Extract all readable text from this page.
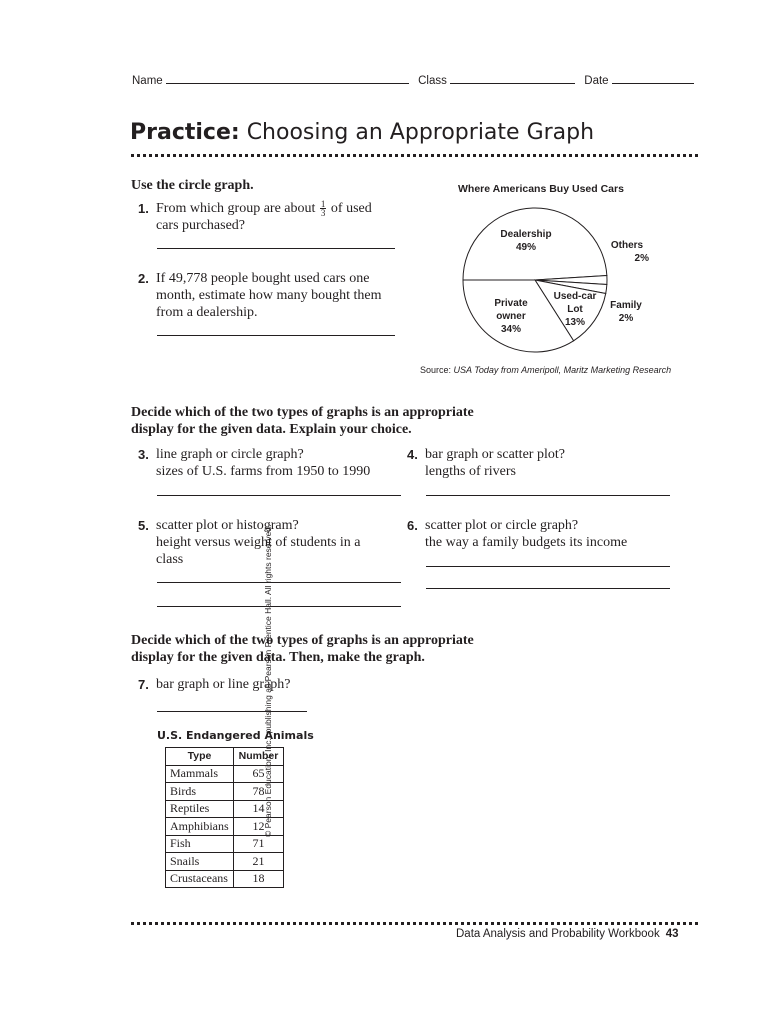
Name	Class	Date
Practice: Choosing an Appropriate Graph
Use the circle graph.
1. From which group are about $\frac{1}{3}$ of used
cars purchased?
2. If 49,778 people bought used cars one
month, estimate how many bought them
from a dealership.
Where Americans Buy Used Cars
Dealership
49%	Others
2%
Family
2%
Used-car
Lot
13%
Private
owner
34%
Source: USA Today from Ameripoll, Maritz Marketing Research
© Pearson Education, Inc., publishing as Pearson Prentice Hall. All rights reserved.
Decide which of the two types of graphs is an appropriate
display for the given data. Explain your choice.
3. line graph or circle graph?
sizes of U.S. farms from 1950 to 1990
4. bar graph or scatter plot?
lengths of rivers
5. scatter plot or histogram?
height versus weight of students in a
class
6. scatter plot or circle graph?
the way a family budgets its income
Decide which of the two types of graphs is an appropriate
display for the given data. Then, make the graph.
7. bar graph or line graph?
U.S. Endangered Animals
Type	Number
Mammals	65
Birds	78
Reptiles	14
Amphibians	12
Fish	71
Snails	21
Crustaceans	18
Data Analysis and Probability Workbook 43
